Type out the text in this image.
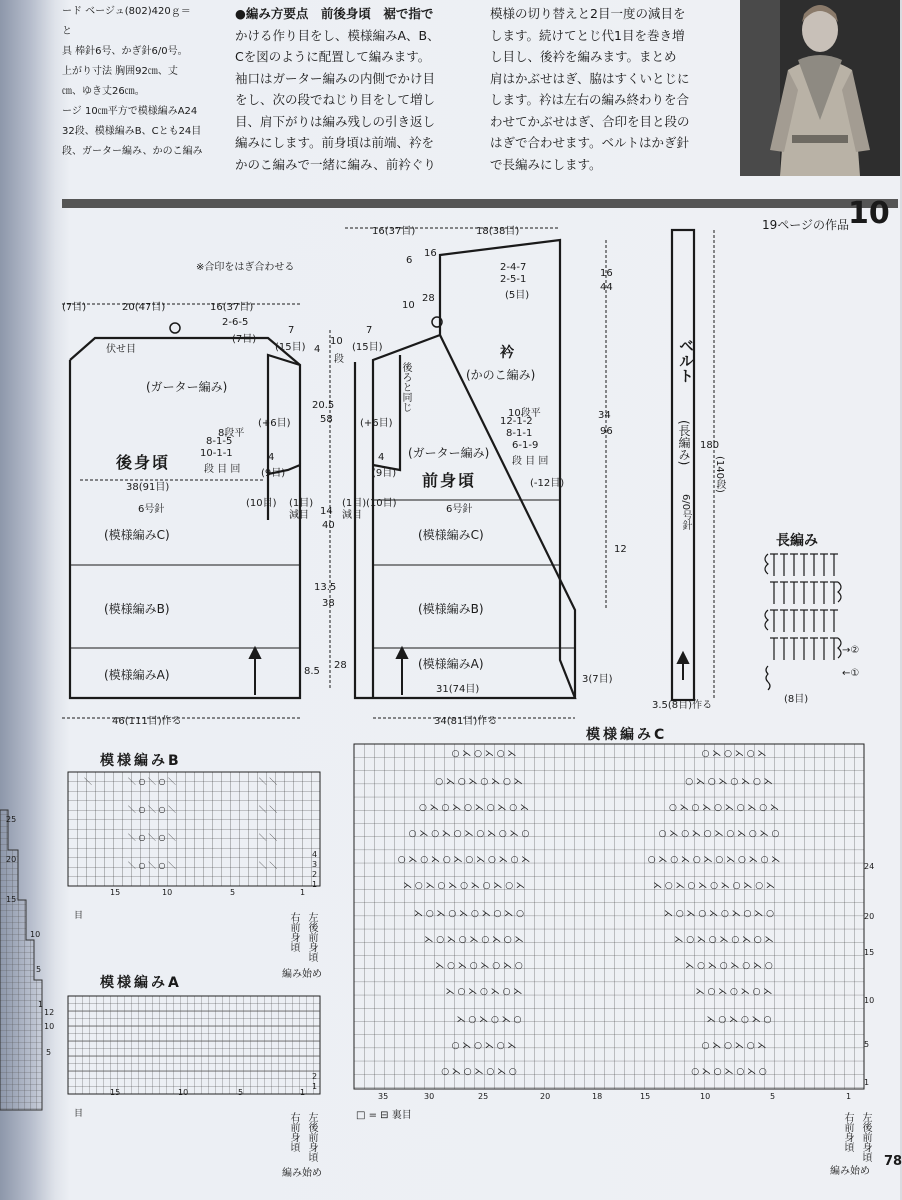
ード ベージュ(802)420ｇ＝

と

具 棒針6号、かぎ針6/0号。

上がり寸法 胸囲92㎝、丈

㎝、ゆき丈26㎝。

ージ 10㎝平方で模様編みA24

32段、模様編みB、Cとも24目

段、ガーター編み、かのこ編み

●編み方要点　前後身頃　裾で指で

かける作り目をし、模様編みA、B、

Cを図のように配置して編みます。

袖口はガーター編みの内側でかけ目

をし、次の段でねじり目をして増し

目、肩下がりは編み残しの引き返し

編みにします。前身頃は前端、衿を

かのこ編みで一緒に編み、前衿ぐり

模様の切り替えと2目一度の減目を

します。続けてとじ代1目を巻き増

し目し、後衿を編みます。まとめ

肩はかぶせはぎ、脇はすくいとじに

します。衿は左右の編み終わりを合

わせてかぶせはぎ、合印を目と段の

はぎで合わせます。ベルトはかぎ針

で長編みにします。

19ページの作品
10
※合印をはぎ合わせる
16(37目)	18(38目)
(7目)	20(47目)	16(37目)
2-6-5
(7目)
7
(15目) 4
10
段
7
(15目)
伏せ目
6
16
10
28
2-4-7
2-5-1
(5目)
衿
(かのこ編み)
(ガーター編み)	後ろと同じ
20.5
58
(+6目)	(+6目)
10段平
12-1-2
8-1-1
6-1-9
段 目 回
8段平
8-1-5
10-1-1
段 目 回
(ガーター編み)
後身頃
前身頃	(-12目)
4
(9目)
4
(9目)
38(91目)
(10目) (1目)
減目
(1目)
減目
(10目)
6号針	6号針
14
40
13.5
38
8.5
28
(模様編みC)	(模様編みC)
(模様編みB)	(模様編みB)
(模様編みA)
(模様編みA)
16
44
34
96
12
31(74目)
3(7目)
46(111目)作る	34(81目)作る
ベルト
(長編み)
6/0号針
180
(140段)
3.5(8目)作る
長編み
→②
←①
(8目)
25
20
15
10
5
1
模様編みB
＼	＼ ○ ＼ ○ ＼	＼ ＼
＼ ○ ＼ ○ ＼	＼ ＼
＼ ○ ＼ ○ ＼	＼ ＼
＼ ○ ＼ ○ ＼	＼ ＼
15	10	5	1
4
3
2
1
目	右前身頃 左後前身頃
編み始め
模様編みA
15	10	5	1
12
10
5
2
1
目	右前身頃 左後前身頃
編み始め
模様編みC
○ ⋋ ○ ⋋ ○ ⋋	○ ⋋ ○ ⋋ ○ ⋋
○ ⋋ ○ ⋋ ○ ⋋ ○ ⋋	○ ⋋ ○ ⋋ ○ ⋋ ○ ⋋
○ ⋋ ○ ⋋ ○ ⋋ ○ ⋋ ○ ⋋	○ ⋋ ○ ⋋ ○ ⋋ ○ ⋋ ○ ⋋
○ ⋋ ○ ⋋ ○ ⋋ ○ ⋋ ○ ⋋ ○	○ ⋋ ○ ⋋ ○ ⋋ ○ ⋋ ○ ⋋ ○
○ ⋋ ○ ⋋ ○ ⋋ ○ ⋋ ○ ⋋ ○ ⋋	○ ⋋ ○ ⋋ ○ ⋋ ○ ⋋ ○ ⋋ ○ ⋋
⋋ ○ ⋋ ○ ⋋ ○ ⋋ ○ ⋋ ○ ⋋	⋋ ○ ⋋ ○ ⋋ ○ ⋋ ○ ⋋ ○ ⋋
⋋ ○ ⋋ ○ ⋋ ○ ⋋ ○ ⋋ ○	⋋ ○ ⋋ ○ ⋋ ○ ⋋ ○ ⋋ ○
⋋ ○ ⋋ ○ ⋋ ○ ⋋ ○ ⋋	⋋ ○ ⋋ ○ ⋋ ○ ⋋ ○ ⋋
⋋ ○ ⋋ ○ ⋋ ○ ⋋ ○	⋋ ○ ⋋ ○ ⋋ ○ ⋋ ○
⋋ ○ ⋋ ○ ⋋ ○ ⋋	⋋ ○ ⋋ ○ ⋋ ○ ⋋
⋋ ○ ⋋ ○ ⋋ ○	⋋ ○ ⋋ ○ ⋋ ○
○ ⋋ ○ ⋋ ○ ⋋	○ ⋋ ○ ⋋ ○ ⋋
○ ⋋ ○ ⋋ ○ ⋋ ○	○ ⋋ ○ ⋋ ○ ⋋ ○
35	30	25	20	18	15	10	5	1
24
20
15
10
5
1
□ = ⊟ 裏目	右前身頃 左後前身頃
編み始め
78
